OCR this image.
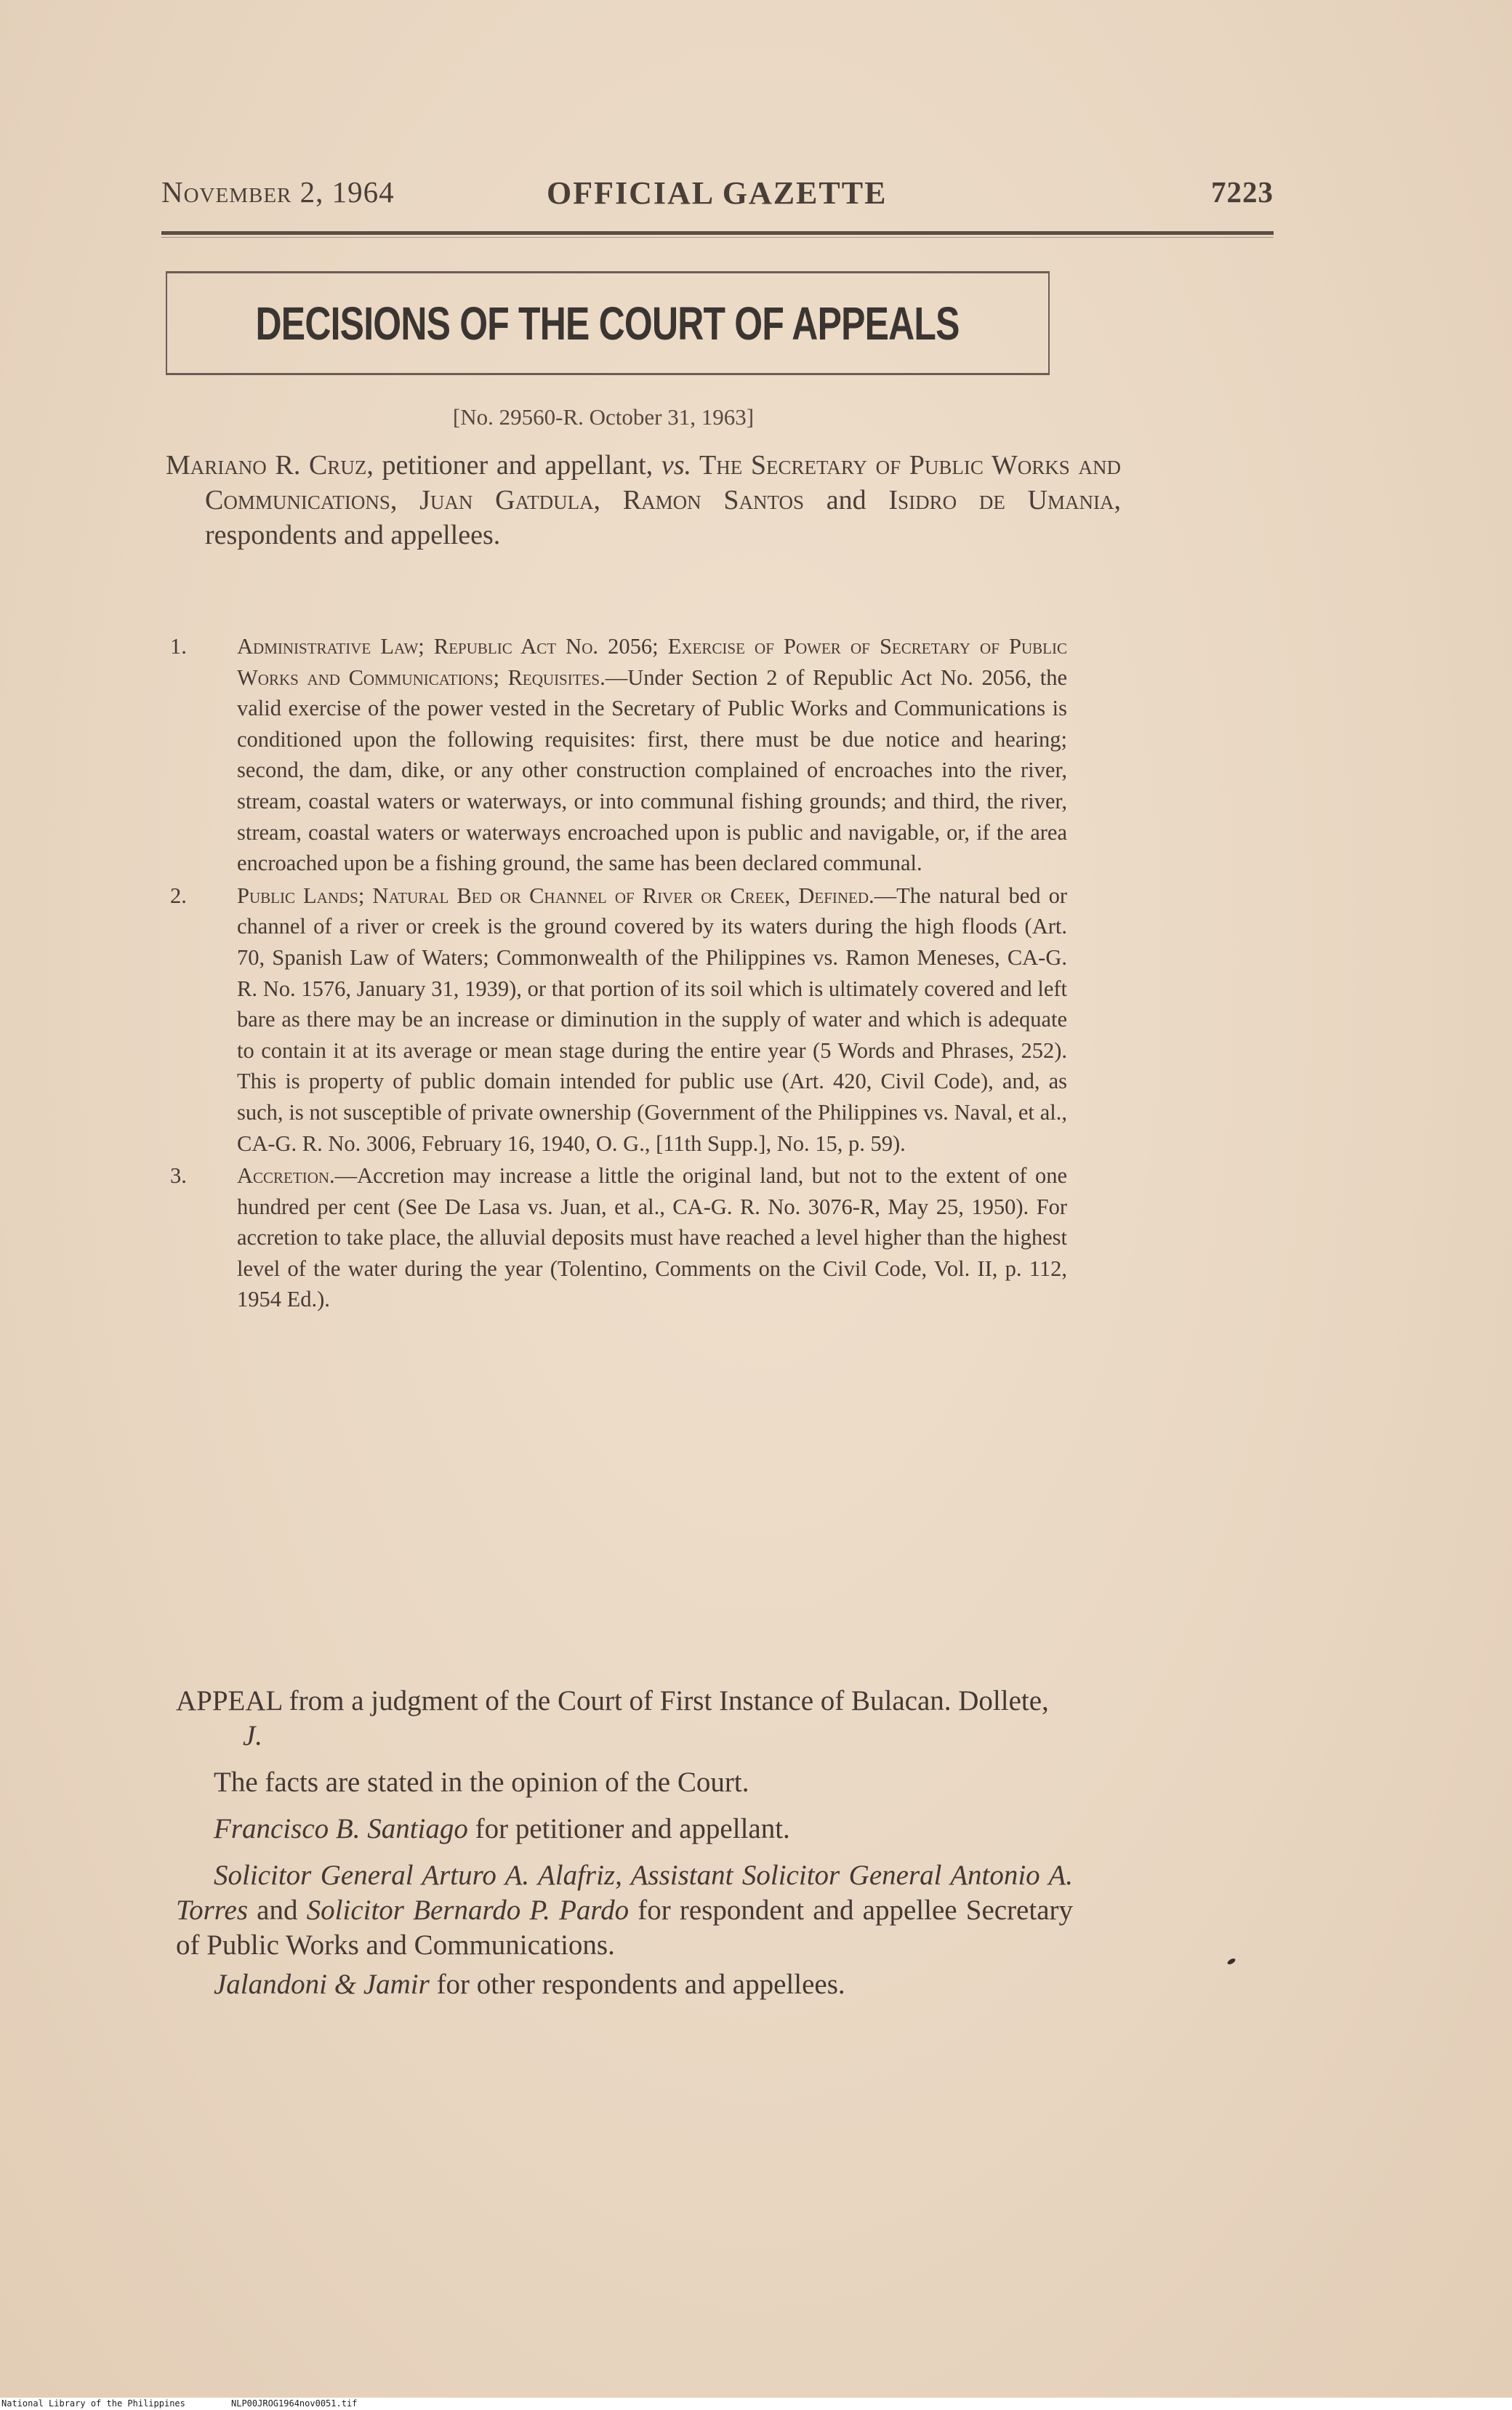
November 2, 1964	OFFICIAL GAZETTE	7223
DECISIONS OF THE COURT OF APPEALS
[No. 29560-R. October 31, 1963]
Mariano R. Cruz, petitioner and appellant, vs. The Secretary of Public Works and Communications, Juan Gatdula, Ramon Santos and Isidro de Umania, respondents and appellees.
1. Administrative Law; Republic Act No. 2056; Exercise of Power of Secretary of Public Works and Communications; Requisites.—Under Section 2 of Republic Act No. 2056, the valid exercise of the power vested in the Secretary of Public Works and Communications is conditioned upon the following requisites: first, there must be due notice and hearing; second, the dam, dike, or any other construction complained of encroaches into the river, stream, coastal waters or waterways, or into communal fishing grounds; and third, the river, stream, coastal waters or waterways encroached upon is public and navigable, or, if the area encroached upon be a fishing ground, the same has been declared communal.
2. Public Lands; Natural Bed or Channel of River or Creek, Defined.—The natural bed or channel of a river or creek is the ground covered by its waters during the high floods (Art. 70, Spanish Law of Waters; Commonwealth of the Philippines vs. Ramon Meneses, CA-G. R. No. 1576, January 31, 1939), or that portion of its soil which is ultimately covered and left bare as there may be an increase or diminution in the supply of water and which is adequate to contain it at its average or mean stage during the entire year (5 Words and Phrases, 252). This is property of public domain intended for public use (Art. 420, Civil Code), and, as such, is not susceptible of private ownership (Government of the Philippines vs. Naval, et al., CA-G. R. No. 3006, February 16, 1940, O. G., [11th Supp.], No. 15, p. 59).
3. Accretion.—Accretion may increase a little the original land, but not to the extent of one hundred per cent (See De Lasa vs. Juan, et al., CA-G. R. No. 3076-R, May 25, 1950). For accretion to take place, the alluvial deposits must have reached a level higher than the highest level of the water during the year (Tolentino, Comments on the Civil Code, Vol. II, p. 112, 1954 Ed.).
APPEAL from a judgment of the Court of First Instance of Bulacan. Dollete, J.
The facts are stated in the opinion of the Court.
Francisco B. Santiago for petitioner and appellant.
Solicitor General Arturo A. Alafriz, Assistant Solicitor General Antonio A. Torres and Solicitor Bernardo P. Pardo for respondent and appellee Secretary of Public Works and Communications.
Jalandoni & Jamir for other respondents and appellees.
National Library of the Philippines	NLP00JROG1964nov0051.tif
